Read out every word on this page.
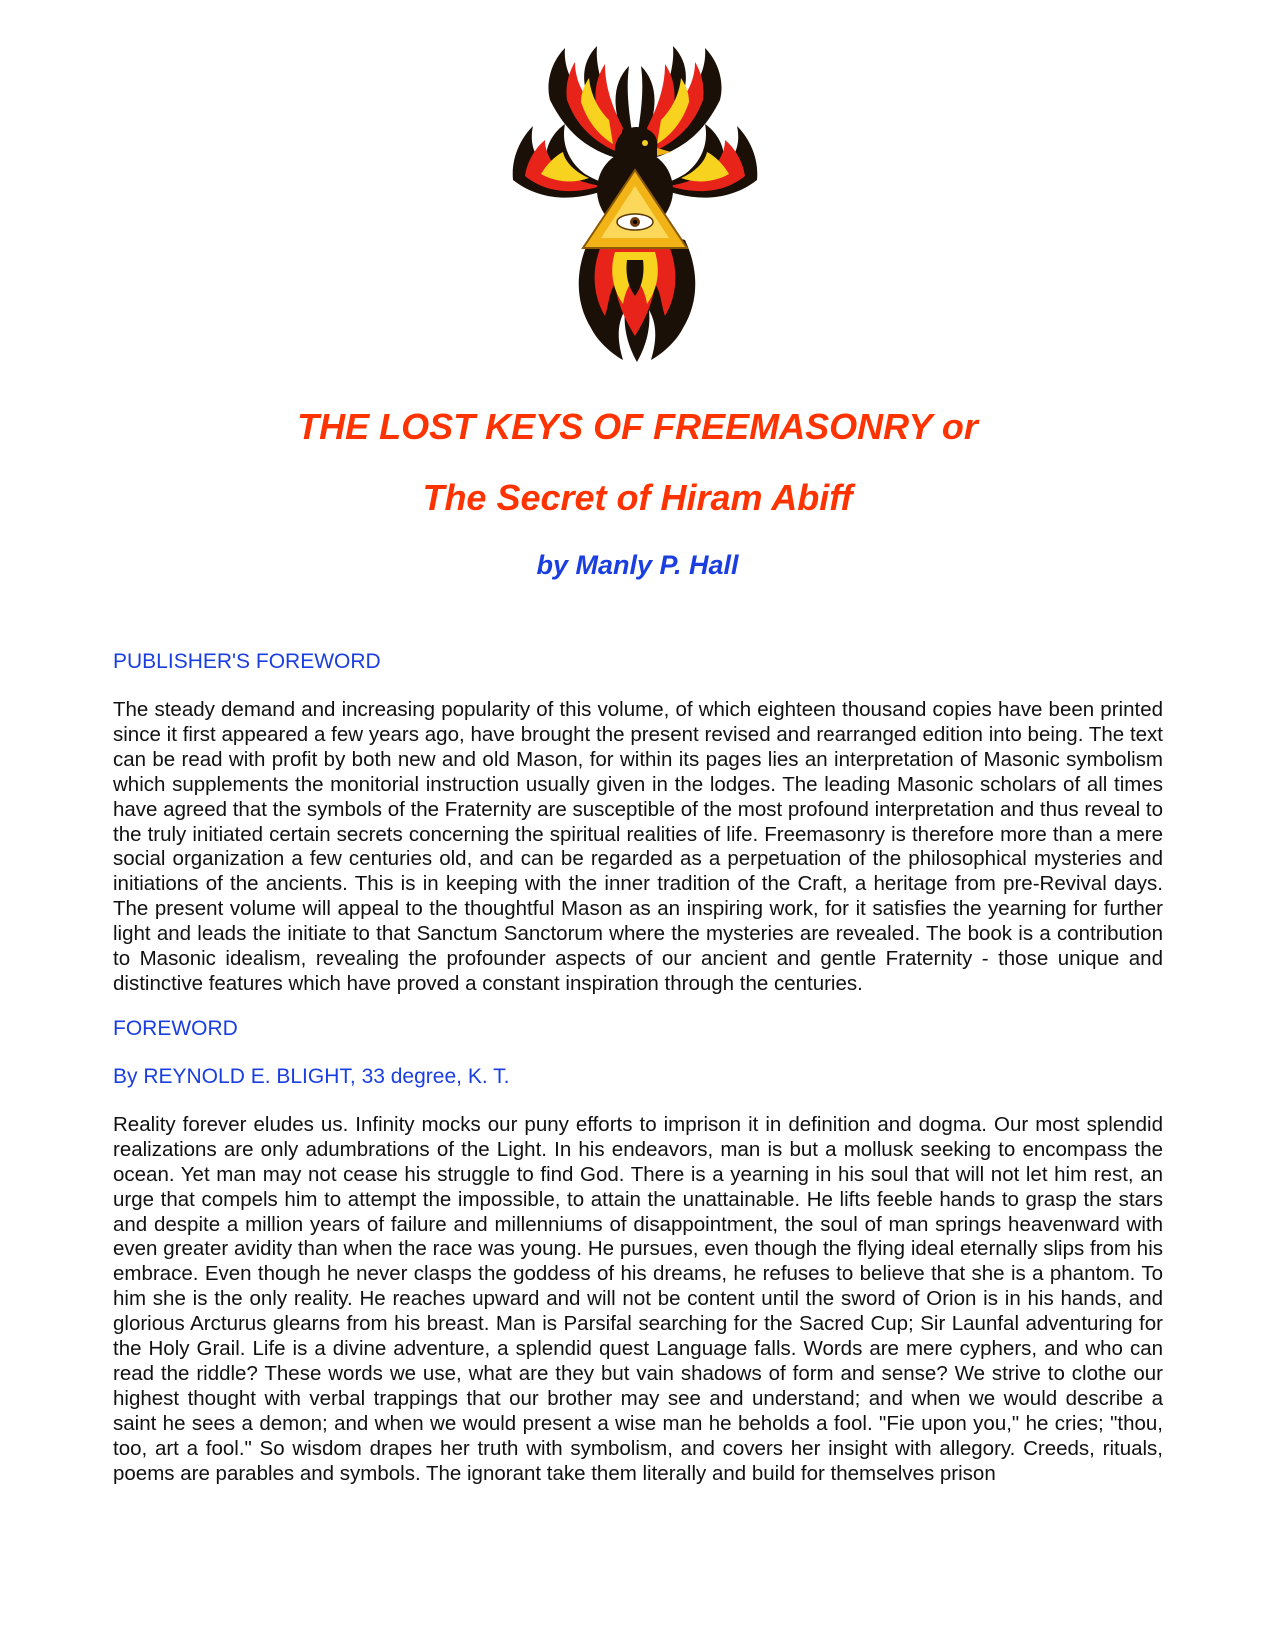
THE LOST KEYS OF FREEMASONRY or
The Secret of Hiram Abiff
by Manly P. Hall
PUBLISHER'S FOREWORD

The steady demand and increasing popularity of this volume, of which eighteen thousand copies have been printed since it first appeared a few years ago, have brought the present revised and rearranged edition into being. The text can be read with profit by both new and old Mason, for within its pages lies an interpretation of Masonic symbolism which supplements the monitorial instruction usually given in the lodges. The leading Masonic scholars of all times have agreed that the symbols of the Fraternity are susceptible of the most profound interpretation and thus reveal to the truly initiated certain secrets concerning the spiritual realities of life. Freemasonry is therefore more than a mere social organization a few centuries old, and can be regarded as a perpetuation of the philosophical mysteries and initiations of the ancients. This is in keeping with the inner tradition of the Craft, a heritage from pre-Revival days. The present volume will appeal to the thoughtful Mason as an inspiring work, for it satisfies the yearning for further light and leads the initiate to that Sanctum Sanctorum where the mysteries are revealed. The book is a contribution to Masonic idealism, revealing the profounder aspects of our ancient and gentle Fraternity - those unique and distinctive features which have proved a constant inspiration through the centuries.

FOREWORD
By REYNOLD E. BLIGHT, 33 degree, K. T.

Reality forever eludes us. Infinity mocks our puny efforts to imprison it in definition and dogma. Our most splendid realizations are only adumbrations of the Light. In his endeavors, man is but a mollusk seeking to encompass the ocean. Yet man may not cease his struggle to find God. There is a yearning in his soul that will not let him rest, an urge that compels him to attempt the impossible, to attain the unattainable. He lifts feeble hands to grasp the stars and despite a million years of failure and millenniums of disappointment, the soul of man springs heavenward with even greater avidity than when the race was young. He pursues, even though the flying ideal eternally slips from his embrace. Even though he never clasps the goddess of his dreams, he refuses to believe that she is a phantom. To him she is the only reality. He reaches upward and will not be content until the sword of Orion is in his hands, and glorious Arcturus glearns from his breast. Man is Parsifal searching for the Sacred Cup; Sir Launfal adventuring for the Holy Grail. Life is a divine adventure, a splendid quest Language falls. Words are mere cyphers, and who can read the riddle? These words we use, what are they but vain shadows of form and sense? We strive to clothe our highest thought with verbal trappings that our brother may see and understand; and when we would describe a saint he sees a demon; and when we would present a wise man he beholds a fool. "Fie upon you," he cries; "thou, too, art a fool." So wisdom drapes her truth with symbolism, and covers her insight with allegory. Creeds, rituals, poems are parables and symbols. The ignorant take them literally and build for themselves prison
